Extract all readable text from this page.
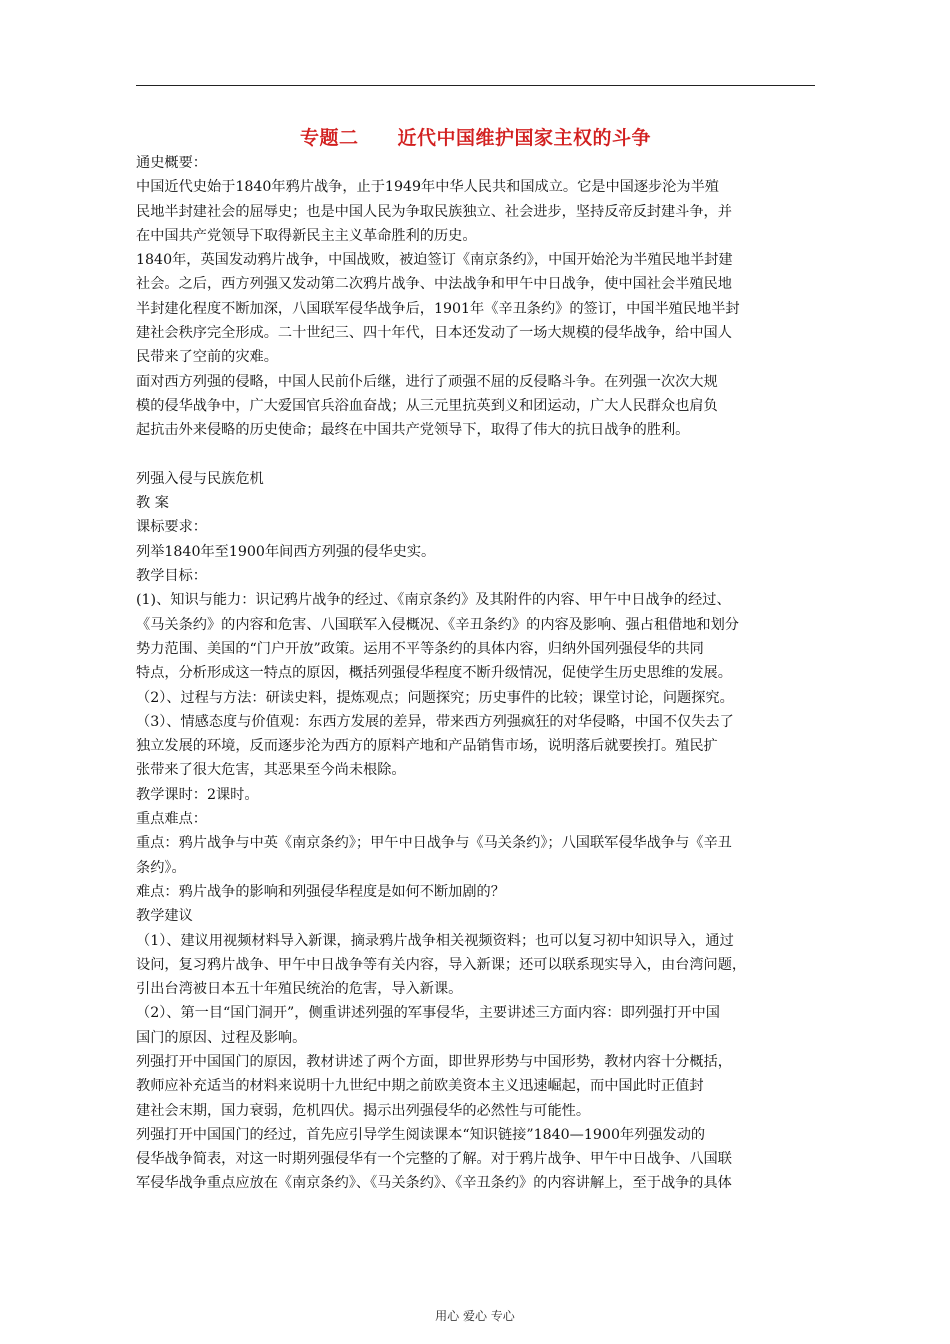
专题二　　近代中国维护国家主权的斗争

通史概要：

中国近代史始于1840年鸦片战争，止于1949年中华人民共和国成立。它是中国逐步沦为半殖

民地半封建社会的屈辱史；也是中国人民为争取民族独立、社会进步，坚持反帝反封建斗争，并

在中国共产党领导下取得新民主主义革命胜利的历史。

1840年，英国发动鸦片战争，中国战败，被迫签订《南京条约》，中国开始沦为半殖民地半封建

社会。之后，西方列强又发动第二次鸦片战争、中法战争和甲午中日战争，使中国社会半殖民地

半封建化程度不断加深，八国联军侵华战争后，1901年《辛丑条约》的签订，中国半殖民地半封

建社会秩序完全形成。二十世纪三、四十年代，日本还发动了一场大规模的侵华战争，给中国人

民带来了空前的灾难。

面对西方列强的侵略，中国人民前仆后继，进行了顽强不屈的反侵略斗争。在列强一次次大规

模的侵华战争中，广大爱国官兵浴血奋战；从三元里抗英到义和团运动，广大人民群众也肩负

起抗击外来侵略的历史使命；最终在中国共产党领导下，取得了伟大的抗日战争的胜利。

列强入侵与民族危机

教 案

课标要求：

列举1840年至1900年间西方列强的侵华史实。

教学目标：

(1)、知识与能力：识记鸦片战争的经过、《南京条约》及其附件的内容、甲午中日战争的经过、

《马关条约》的内容和危害、八国联军入侵概况、《辛丑条约》的内容及影响、强占租借地和划分

势力范围、美国的“门户开放”政策。运用不平等条约的具体内容，归纳外国列强侵华的共同

特点，分析形成这一特点的原因，概括列强侵华程度不断升级情况，促使学生历史思维的发展。

（2）、过程与方法：研读史料，提炼观点；问题探究；历史事件的比较；课堂讨论，问题探究。

（3）、情感态度与价值观：东西方发展的差异，带来西方列强疯狂的对华侵略，中国不仅失去了

独立发展的环境，反而逐步沦为西方的原料产地和产品销售市场，说明落后就要挨打。殖民扩

张带来了很大危害，其恶果至今尚未根除。

教学课时：2课时。

重点难点：

重点：鸦片战争与中英《南京条约》；甲午中日战争与《马关条约》；八国联军侵华战争与《辛丑

条约》。

难点：鸦片战争的影响和列强侵华程度是如何不断加剧的？

教学建议

（1）、建议用视频材料导入新课，摘录鸦片战争相关视频资料；也可以复习初中知识导入，通过

设问，复习鸦片战争、甲午中日战争等有关内容，导入新课；还可以联系现实导入，由台湾问题，

引出台湾被日本五十年殖民统治的危害，导入新课。

（2）、第一目“国门洞开”，侧重讲述列强的军事侵华，主要讲述三方面内容：即列强打开中国

国门的原因、过程及影响。

列强打开中国国门的原因，教材讲述了两个方面，即世界形势与中国形势，教材内容十分概括，

教师应补充适当的材料来说明十九世纪中期之前欧美资本主义迅速崛起，而中国此时正值封

建社会末期，国力衰弱，危机四伏。揭示出列强侵华的必然性与可能性。

列强打开中国国门的经过，首先应引导学生阅读课本“知识链接”1840—1900年列强发动的

侵华战争简表，对这一时期列强侵华有一个完整的了解。对于鸦片战争、甲午中日战争、八国联

军侵华战争重点应放在《南京条约》、《马关条约》、《辛丑条约》的内容讲解上，至于战争的具体

用心 爱心 专心
